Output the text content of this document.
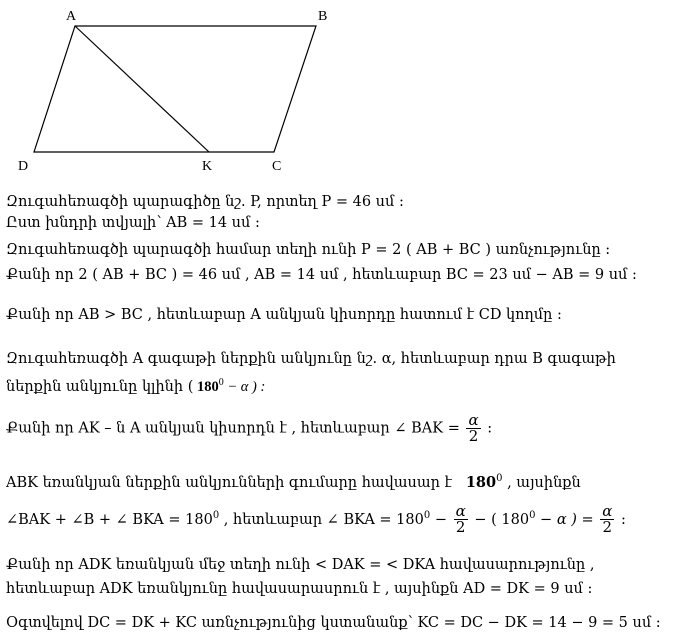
A	B
C
D	K
Զուգահեռագծի պարագիծը նշ. P, որտեղ P = 46 սմ :
Ըստ խնդրի տվյալի՝ AB = 14 սմ :
Զուգահեռագծի պարագծի համար տեղի ունի P = 2 ( AB + BC ) առնչությունը :
Քանի որ 2 ( AB + BC ) = 46 սմ , AB = 14 սմ , հետևաբար BC = 23 սմ − AB = 9 սմ :
Քանի որ AB > BC , հետևաբար A անկյան կիսորդը հատում է CD կողմը :
Զուգահեռագծի A գագաթի ներքին անկյունը նշ. α, հետևաբար դրա B գագաթի
ներքին անկյունը կլինի ( $180^0 - \alpha$ ) :
Քանի որ AK – ն A անկյան կիսորդն է , հետևաբար ∠ BAK = $\frac{\alpha}{2}$ :
ABK եռանկյան ներքին անկյունների գումարը հավասար է $180^0$ , այսինքն
∠BAK + ∠B + ∠ BKA = $180^0$ , հետևաբար ∠ BKA = $180^0 - \frac{\alpha}{2}$ − ( $180^0 - \alpha$ ) = $\frac{\alpha}{2}$ :
Քանի որ ADK եռանկյան մեջ տեղի ունի < DAK = < DKA հավասարությունը ,
հետևաբար ADK եռանկյունը հավասարասրուն է , այսինքն AD = DK = 9 սմ :
Օգտվելով DC = DK + KC առնչությունից կստանանք՝ KC = DC − DK = 14 − 9 = 5 սմ :
